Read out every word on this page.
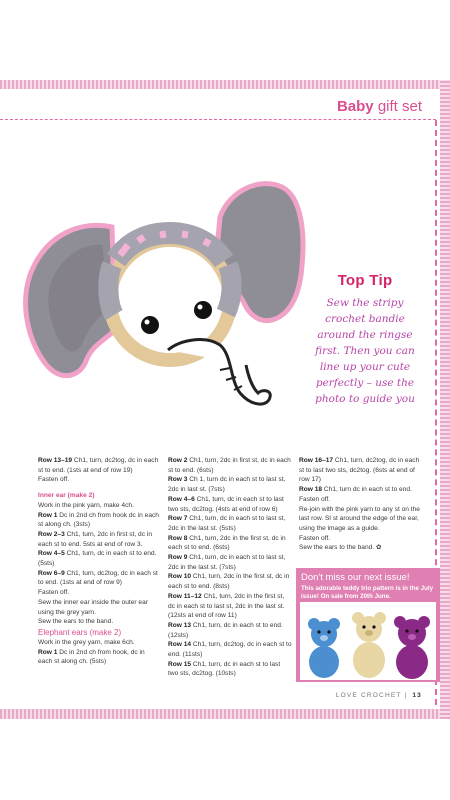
Baby gift set
Top Tip
Sew the stripy
crochet bandie
around the ringse
first. Then you can
line up your cute
perfectly – use the
photo to guide you

Row 13–19 Ch1, turn, dc2tog, dc in each st to end. (1sts at end of row 19)

Fasten off.

Inner ear (make 2)

Work in the pink yarn, make 4ch.

Row 1 Dc in 2nd ch from hook dc in each st along ch. (3sts)

Row 2–3 Ch1, turn, 2dc in first st, dc in each st to end. 5sts at end of row 3.

Row 4–5 Ch1, turn, dc in each st to end. (5sts)

Row 6–9 Ch1, turn, dc2tog, dc in each st to end. (1sts at end of row 9)

Fasten off.

Sew the inner ear inside the outer ear using the grey yarn.

Sew the ears to the band.

Elephant ears (make 2)

Work in the grey yarn, make 6ch.

Row 1 Dc in 2nd ch from hook, dc in each st along ch. (5sts)

Row 2 Ch1, turn, 2dc in first st, dc in each st to end. (6sts)

Row 3 Ch 1, turn dc in each st to last st, 2dc in last st. (7sts)

Row 4–6 Ch1, turn, dc in each st to last two sts, dc2tog. (4sts at end of row 6)

Row 7 Ch1, turn, dc in each st to last st, 2dc in the last st. (5sts)

Row 8 Ch1, turn, 2dc in the first st, dc in each st to end. (6sts)

Row 9 Ch1, turn, dc in each st to last st, 2dc in the last st. (7sts)

Row 10 Ch1, turn, 2dc in the first st, dc in each st to end. (8sts)

Row 11–12 Ch1, turn, 2dc in the first st, dc in each st to last st, 2dc in the last st. (12sts at end of row 11)

Row 13 Ch1, turn, dc in each st to end. (12sts)

Row 14 Ch1, turn, dc2tog, dc in each st to end. (11sts)

Row 15 Ch1, turn, dc in each st to last two sts, dc2tog. (10sts)

Row 16–17 Ch1, turn, dc2tog, dc in each st to last two sts, dc2tog. (6sts at end of row 17)

Row 18 Ch1, turn dc in each st to end. Fasten off.

Re-join with the pink yarn to any st on the last row. Sl st around the edge of the ear, using the image as a guide.

Fasten off.

Sew the ears to the band. ✿

Don't miss our next issue!
This adorable teddy trio pattern is in the July issue! On sale from 20th June.
LOVE CROCHET | 13
